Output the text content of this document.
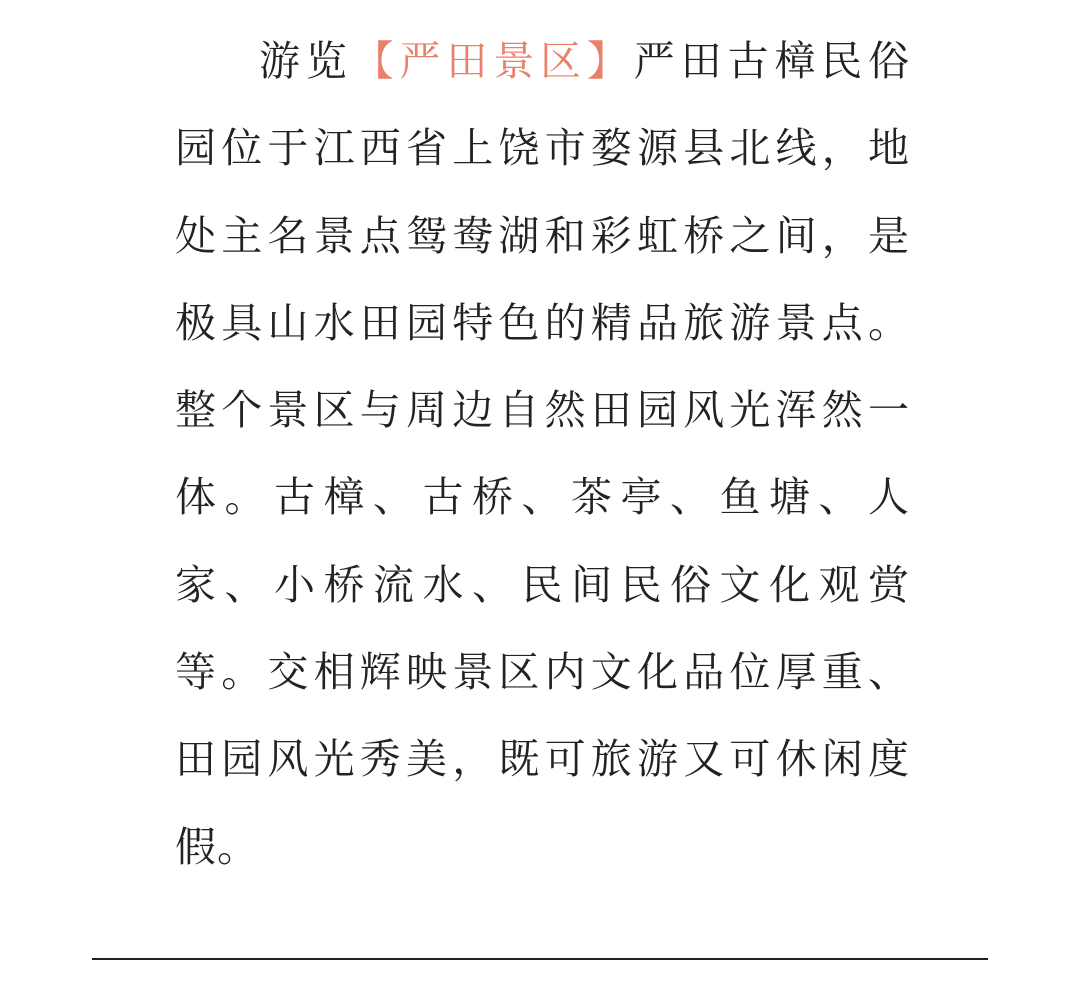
游览【严田景区】严田古樟民俗
园位于江西省上饶市婺源县北线，地
处主名景点鸳鸯湖和彩虹桥之间，是
极具山水田园特色的精品旅游景点。
整个景区与周边自然田园风光浑然一
体。古樟、古桥、茶亭、鱼塘、人
家、小桥流水、民间民俗文化观赏
等。交相辉映景区内文化品位厚重、
田园风光秀美，既可旅游又可休闲度
假。
